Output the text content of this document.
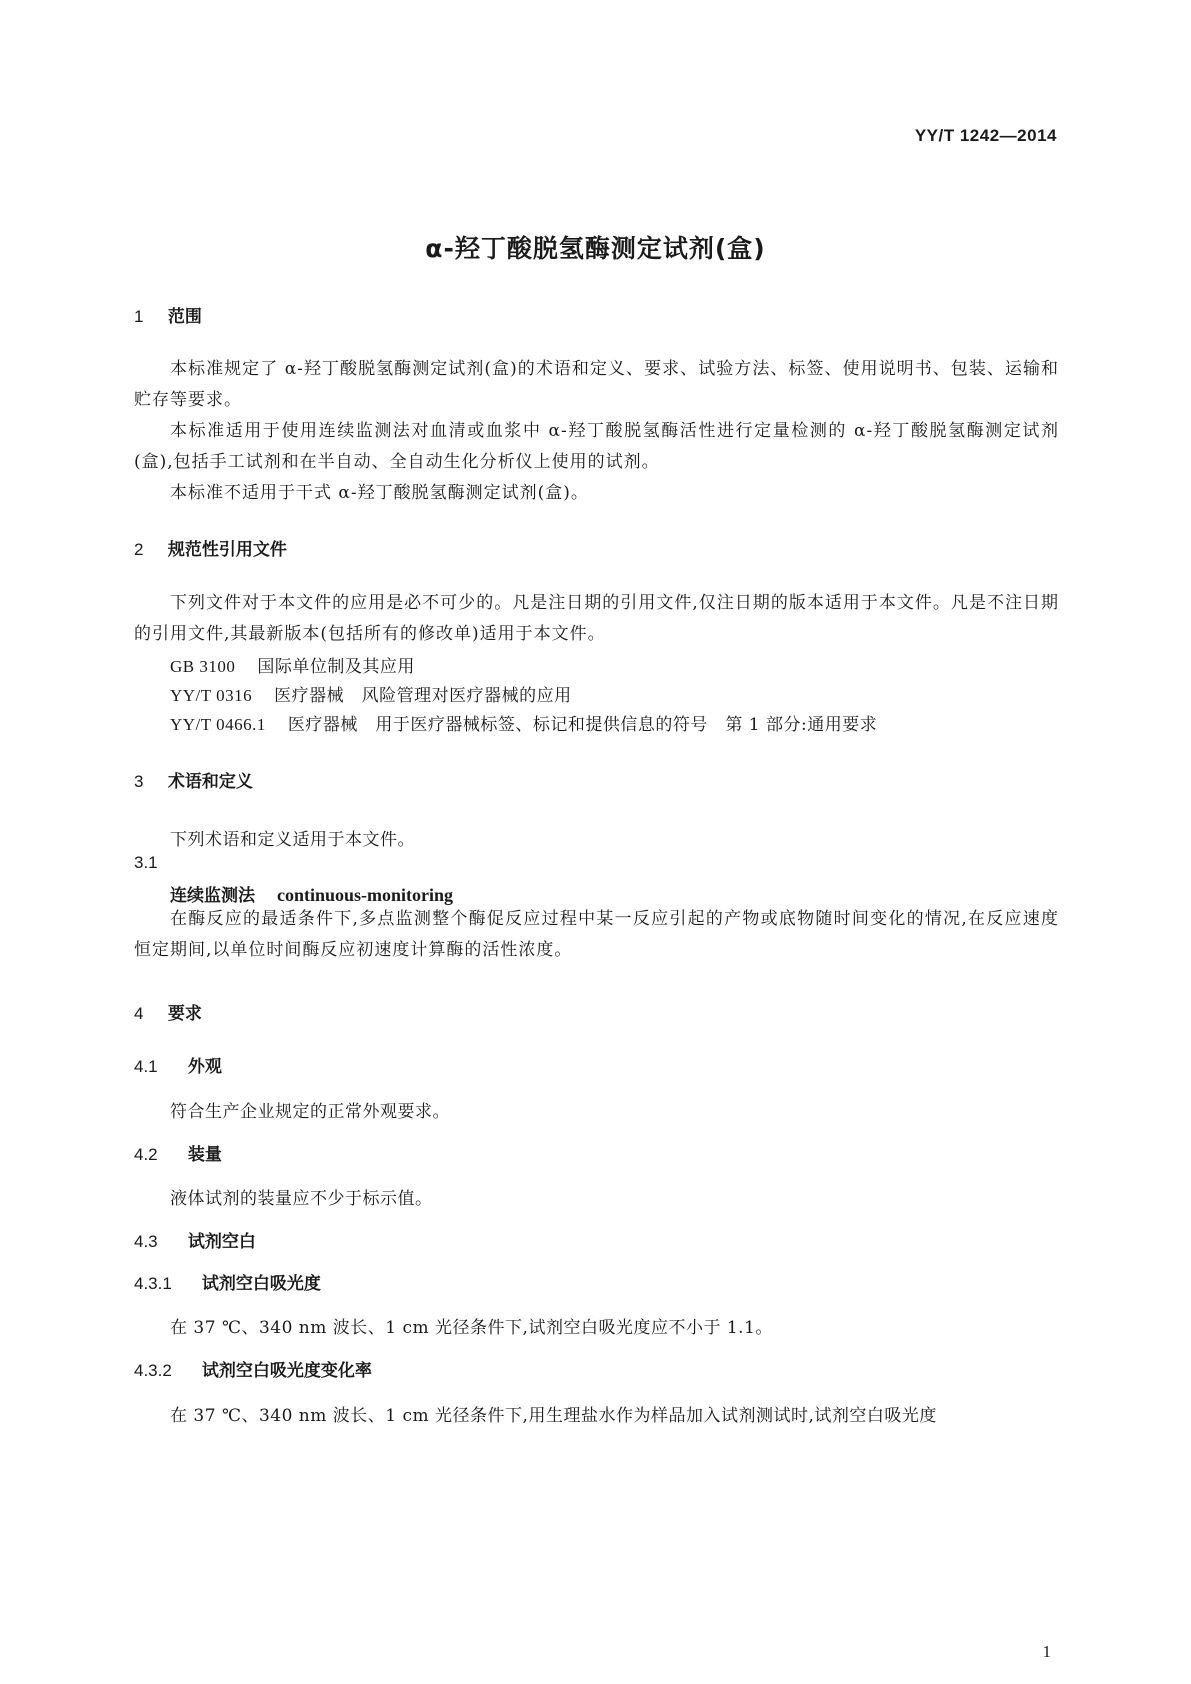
YY/T 1242—2014
α-羟丁酸脱氢酶测定试剂(盒)
1 范围

本标准规定了 α-羟丁酸脱氢酶测定试剂(盒)的术语和定义、要求、试验方法、标签、使用说明书、包装、运输和贮存等要求。

本标准适用于使用连续监测法对血清或血浆中 α-羟丁酸脱氢酶活性进行定量检测的 α-羟丁酸脱氢酶测定试剂(盒),包括手工试剂和在半自动、全自动生化分析仪上使用的试剂。

本标准不适用于干式 α-羟丁酸脱氢酶测定试剂(盒)。

2 规范性引用文件

下列文件对于本文件的应用是必不可少的。凡是注日期的引用文件,仅注日期的版本适用于本文件。凡是不注日期的引用文件,其最新版本(包括所有的修改单)适用于本文件。

GB 3100 国际单位制及其应用
YY/T 0316 医疗器械　风险管理对医疗器械的应用
YY/T 0466.1 医疗器械　用于医疗器械标签、标记和提供信息的符号　第 1 部分:通用要求
3 术语和定义
下列术语和定义适用于本文件。
3.1
连续监测法 continuous-monitoring

在酶反应的最适条件下,多点监测整个酶促反应过程中某一反应引起的产物或底物随时间变化的情况,在反应速度恒定期间,以单位时间酶反应初速度计算酶的活性浓度。

4 要求
4.1 外观
符合生产企业规定的正常外观要求。
4.2 装量
液体试剂的装量应不少于标示值。
4.3 试剂空白
4.3.1 试剂空白吸光度
在 37 ℃、340 nm 波长、1 cm 光径条件下,试剂空白吸光度应不小于 1.1。
4.3.2 试剂空白吸光度变化率
在 37 ℃、340 nm 波长、1 cm 光径条件下,用生理盐水作为样品加入试剂测试时,试剂空白吸光度
1
